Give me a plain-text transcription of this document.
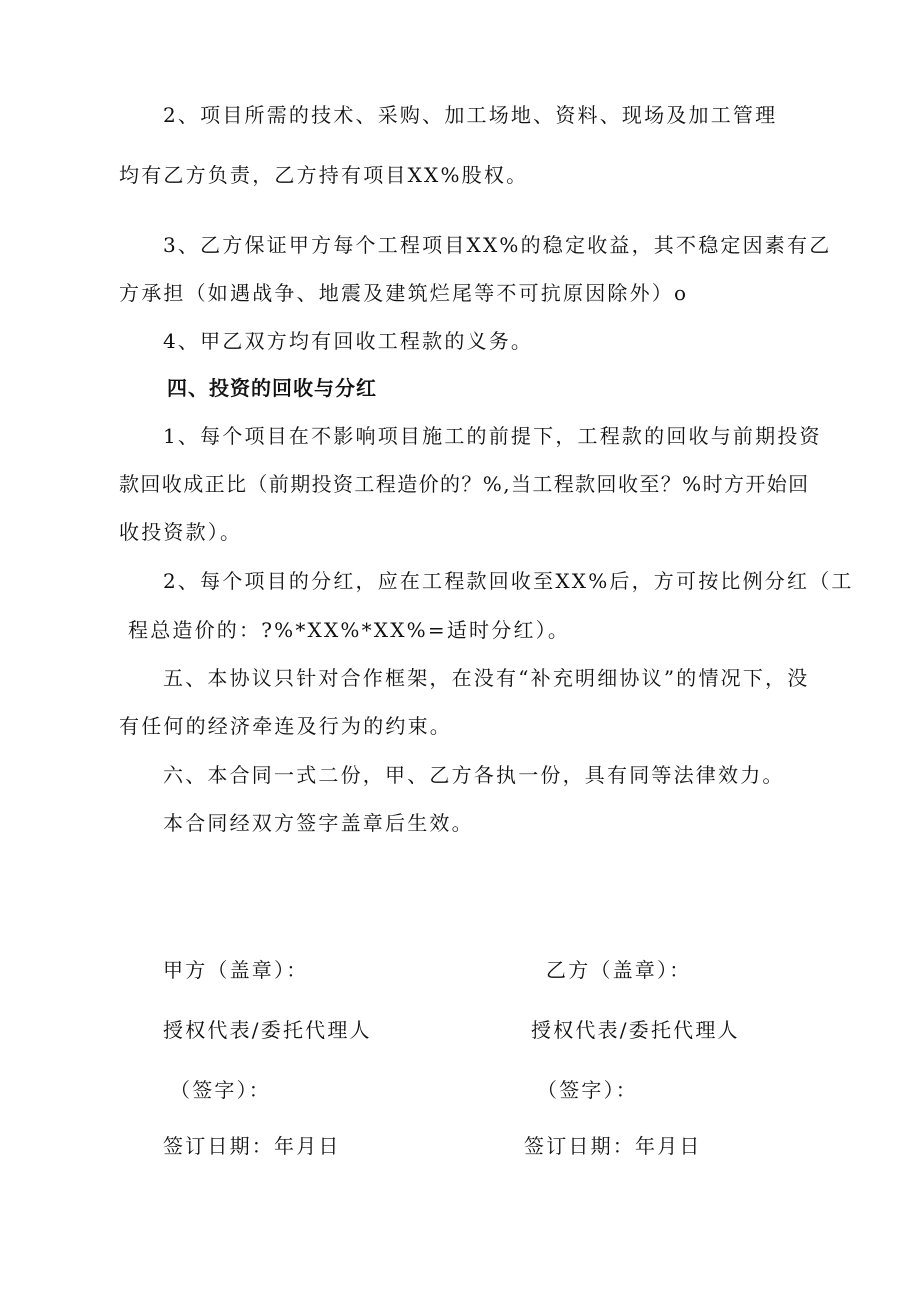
2、项目所需的技术、采购、加工场地、资料、现场及加工管理
均有乙方负责，乙方持有项目XX%股权。
3、乙方保证甲方每个工程项目XX%的稳定收益，其不稳定因素有乙
方承担（如遇战争、地震及建筑烂尾等不可抗原因除外）o
4、甲乙双方均有回收工程款的义务。
四、投资的回收与分红
1、每个项目在不影响项目施工的前提下，工程款的回收与前期投资
款回收成正比（前期投资工程造价的？%,当工程款回收至？%时方开始回
收投资款）。
2、每个项目的分红，应在工程款回收至XX%后，方可按比例分红（工
程总造价的：?%*XX%*XX%=适时分红）。
五、本协议只针对合作框架，在没有“补充明细协议”的情况下，没
有任何的经济牵连及行为的约束。
六、本合同一式二份，甲、乙方各执一份，具有同等法律效力。
本合同经双方签字盖章后生效。
甲方（盖章）：
授权代表/委托代理人
（签字）：
签订日期：年月日
乙方（盖章）：
授权代表/委托代理人
（签字）：
签订日期：年月日
